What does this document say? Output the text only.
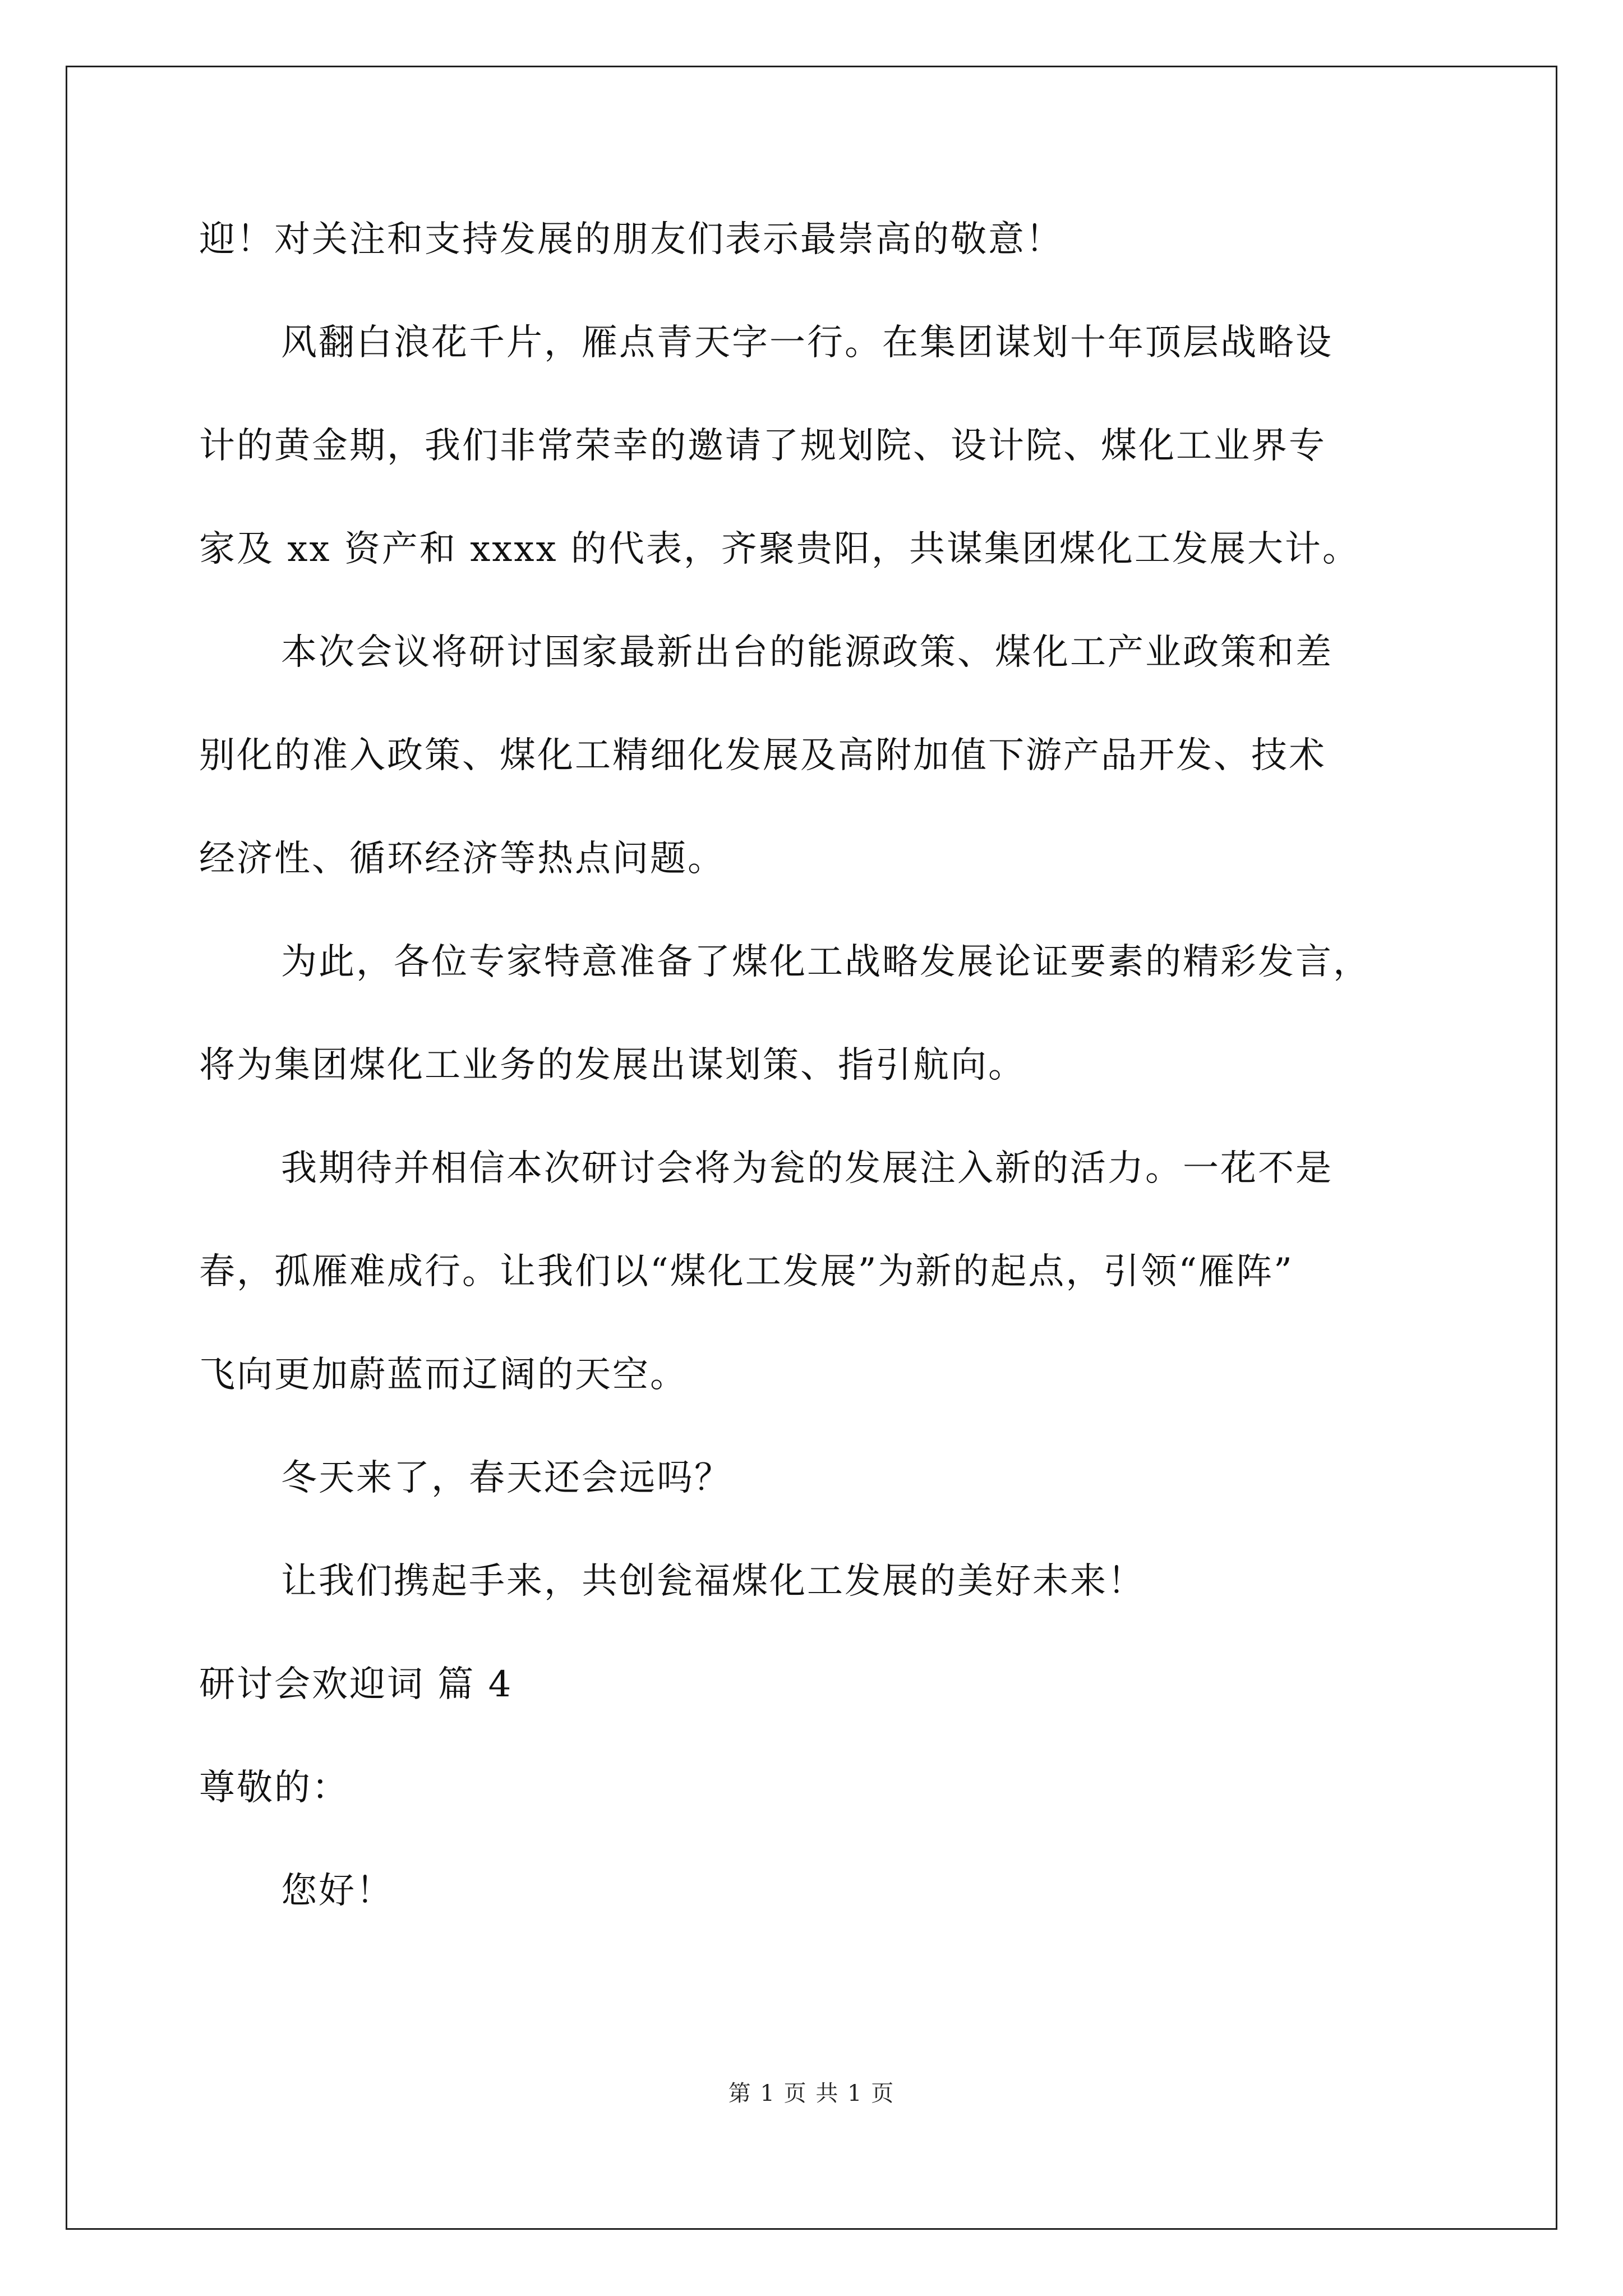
迎！对关注和支持发展的朋友们表示最崇高的敬意！
风翻白浪花千片，雁点青天字一行。在集团谋划十年顶层战略设
计的黄金期，我们非常荣幸的邀请了规划院、设计院、煤化工业界专
家及 xx 资产和 xxxx 的代表，齐聚贵阳，共谋集团煤化工发展大计。
本次会议将研讨国家最新出台的能源政策、煤化工产业政策和差
别化的准入政策、煤化工精细化发展及高附加值下游产品开发、技术
经济性、循环经济等热点问题。
为此，各位专家特意准备了煤化工战略发展论证要素的精彩发言，
将为集团煤化工业务的发展出谋划策、指引航向。
我期待并相信本次研讨会将为瓮的发展注入新的活力。一花不是
春，孤雁难成行。让我们以“煤化工发展”为新的起点，引领“雁阵”
飞向更加蔚蓝而辽阔的天空。
冬天来了，春天还会远吗？
让我们携起手来，共创瓮福煤化工发展的美好未来！
研讨会欢迎词 篇 4
尊敬的：
您好！
第 1 页 共 1 页
